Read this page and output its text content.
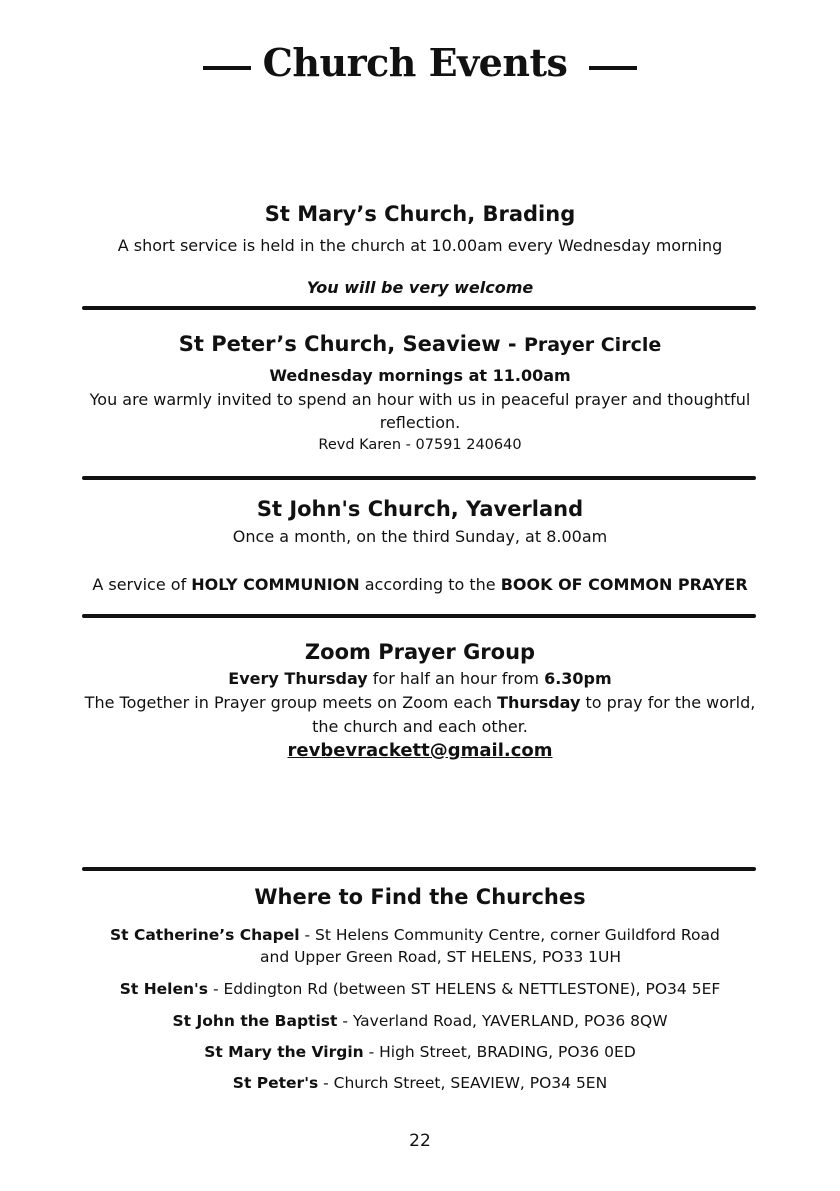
Church Events
St Mary’s Church, Brading
A short service is held in the church at 10.00am every Wednesday morning
You will be very welcome
St Peter’s Church, Seaview - Prayer Circle
Wednesday mornings at 11.00am
You are warmly invited to spend an hour with us in peaceful prayer and thoughtful
reflection.
Revd Karen - 07591 240640
St John's Church, Yaverland
Once a month, on the third Sunday, at 8.00am
A service of HOLY COMMUNION according to the BOOK OF COMMON PRAYER
Zoom Prayer Group
Every Thursday for half an hour from 6.30pm
The Together in Prayer group meets on Zoom each Thursday to pray for the world,
the church and each other.
revbevrackett@gmail.com
Where to Find the Churches
St Catherine’s Chapel - St Helens Community Centre, corner Guildford Road
and Upper Green Road, ST HELENS, PO33 1UH
St Helen's - Eddington Rd (between ST HELENS & NETTLESTONE), PO34 5EF
St John the Baptist - Yaverland Road, YAVERLAND, PO36 8QW
St Mary the Virgin - High Street, BRADING, PO36 0ED
St Peter's - Church Street, SEAVIEW, PO34 5EN
22
